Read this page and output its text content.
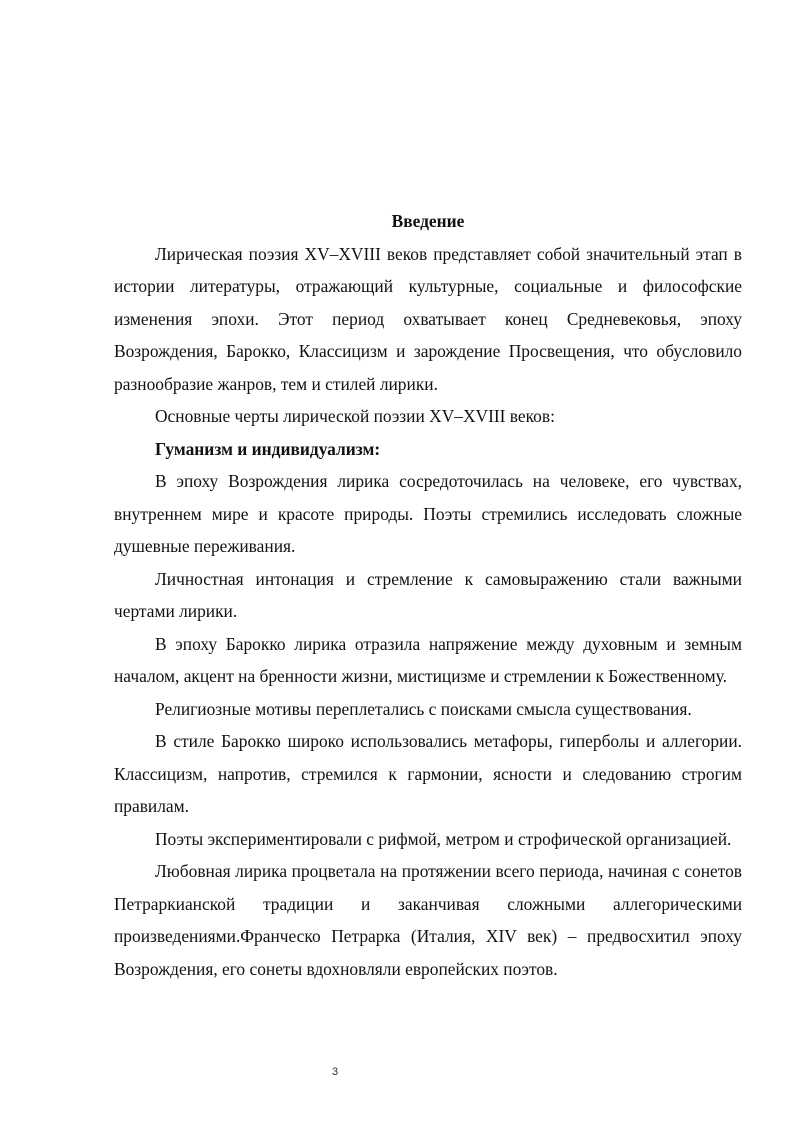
Введение

Лирическая поэзия XV–XVIII веков представляет собой значительный этап в истории литературы, отражающий культурные, социальные и философские изменения эпохи. Этот период охватывает конец Средневековья, эпоху Возрождения, Барокко, Классицизм и зарождение Просвещения, что обусловило разнообразие жанров, тем и стилей лирики.

Основные черты лирической поэзии XV–XVIII веков:

Гуманизм и индивидуализм:

В эпоху Возрождения лирика сосредоточилась на человеке, его чувствах, внутреннем мире и красоте природы. Поэты стремились исследовать сложные душевные переживания.

Личностная интонация и стремление к самовыражению стали важными чертами лирики.

В эпоху Барокко лирика отразила напряжение между духовным и земным началом, акцент на бренности жизни, мистицизме и стремлении к Божественному.

Религиозные мотивы переплетались с поисками смысла существования.

В стиле Барокко широко использовались метафоры, гиперболы и аллегории. Классицизм, напротив, стремился к гармонии, ясности и следованию строгим правилам.

Поэты экспериментировали с рифмой, метром и строфической организацией.

Любовная лирика процветала на протяжении всего периода, начиная с сонетов Петраркианской традиции и заканчивая сложными аллегорическими произведениями.Франческо Петрарка (Италия, XIV век) – предвосхитил эпоху Возрождения, его сонеты вдохновляли европейских поэтов.

3
